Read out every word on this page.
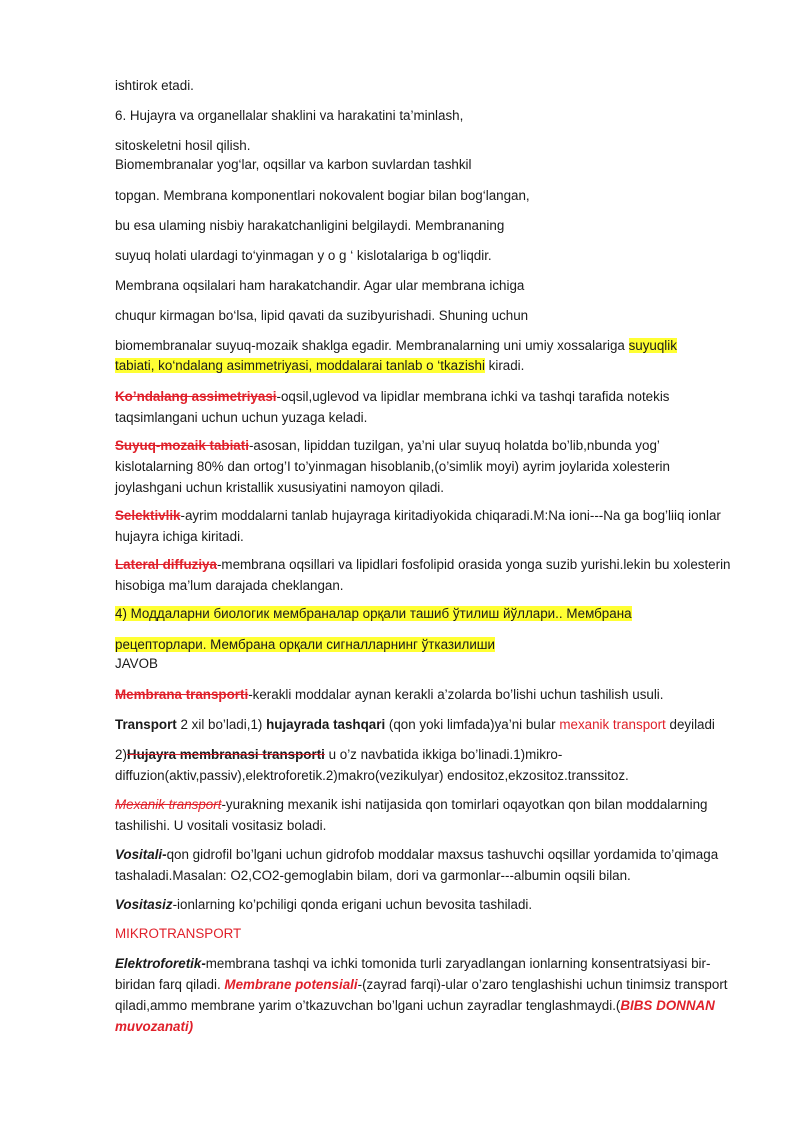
ishtirok etadi.
6. Hujayra va organellalar shaklini va harakatini ta’minlash,
sitoskeletni hosil qilish.
Biomembranalar yog‘lar, oqsillar va karbon suvlardan tashkil
topgan. Membrana komponentlari nokovalent bogiar bilan bog‘langan,
bu esa ulaming nisbiy harakatchanligini belgilaydi. Membrananing
suyuq holati ulardagi to‘yinmagan y o g ‘ kislotalariga b og‘liqdir.
Membrana oqsilalari ham harakatchandir. Agar ular membrana ichiga
chuqur kirmagan bo‘lsa, lipid qavati da suzibyurishadi. Shuning uchun
biomembranalar suyuq-mozaik shaklga egadir. Membranalarning uni umiy xossalariga suyuqlik
tabiati, ko‘ndalang asimmetriyasi, moddalarai tanlab o ‘tkazishi kiradi.
Ko’ndalang assimetriyasi-oqsil,uglevod va lipidlar membrana ichki va tashqi tarafida notekis taqsimlangani uchun uchun yuzaga keladi.
Suyuq-mozaik tabiati-asosan, lipiddan tuzilgan, ya’ni ular suyuq holatda bo’lib,nbunda yog’ kislotalarning 80% dan ortog’I to’yinmagan hisoblanib,(o’simlik moyi) ayrim joylarida xolesterin joylashgani uchun kristallik xususiyatini namoyon qiladi.
Selektivlik-ayrim moddalarni tanlab hujayraga kiritadiyokida chiqaradi.M:Na ioni---Na ga bog’liiq ionlar hujayra ichiga kiritadi.
Lateral diffuziya-membrana oqsillari va lipidlari fosfolipid orasida yonga suzib yurishi.lekin bu xolesterin hisobiga ma’lum darajada cheklangan.
4) Моддаларни биологик мембраналар орқали ташиб ўтилиш йўллари.. Мембрана
рецепторлари. Мембрана орқали сигналларнинг ўтказилиши
JAVOB
Membrana transporti-kerakli moddalar aynan kerakli a’zolarda bo’lishi uchun tashilish usuli.
Transport 2 xil bo’ladi,1) hujayrada tashqari (qon yoki limfada)ya’ni bular mexanik transport deyiladi
2)Hujayra membranasi transporti u o’z navbatida ikkiga bo’linadi.1)mikro-diffuzion(aktiv,passiv),elektroforetik.2)makro(vezikulyar) endositoz,ekzositoz.transsitoz.
Mexanik transport-yurakning mexanik ishi natijasida qon tomirlari oqayotkan qon bilan moddalarning tashilishi. U vositali vositasiz boladi.
Vositali-qon gidrofil bo’lgani uchun gidrofob moddalar maxsus tashuvchi oqsillar yordamida to’qimaga tashaladi.Masalan: O2,CO2-gemoglabin bilam, dori va garmonlar---albumin oqsili bilan.
Vositasiz-ionlarning ko’pchiligi qonda erigani uchun bevosita tashiladi.
MIKROTRANSPORT
Elektroforetik-membrana tashqi va ichki tomonida turli zaryadlangan ionlarning konsentratsiyasi bir-biridan farq qiladi. Membrane potensiali-(zayrad farqi)-ular o’zaro tenglashishi uchun tinimsiz transport qiladi,ammo membrane yarim o’tkazuvchan bo’lgani uchun zayradlar tenglashmaydi.(BIBS DONNAN muvozanati)
